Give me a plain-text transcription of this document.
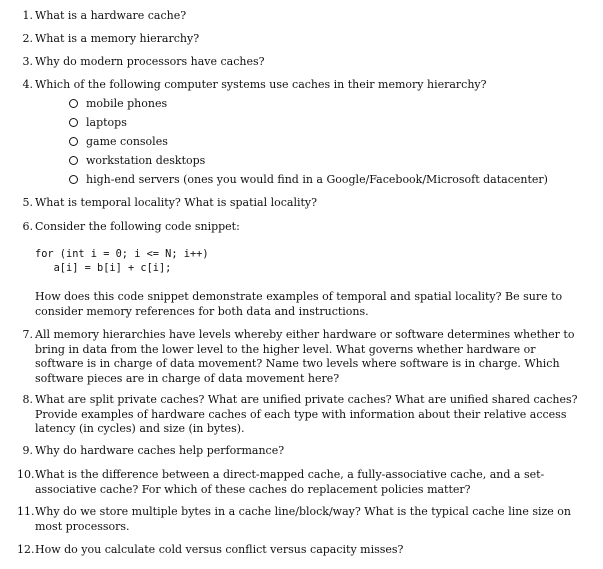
1. What is a hardware cache?
2. What is a memory hierarchy?
3. Why do modern processors have caches?
4. Which of the following computer systems use caches in their memory hierarchy?
mobile phones
laptops
game consoles
workstation desktops
high-end servers (ones you would find in a Google/Facebook/Microsoft datacenter)
5. What is temporal locality? What is spatial locality?
6. Consider the following code snippet:
for (int i = 0; i <= N; i++)
a[i] = b[i] + c[i];
How does this code snippet demonstrate examples of temporal and spatial locality? Be sure to consider memory references for both data and instructions.
7. All memory hierarchies have levels whereby either hardware or software determines whether to bring in data from the lower level to the higher level. What governs whether hardware or software is in charge of data movement? Name two levels where software is in charge. Which software pieces are in charge of data movement here?
8. What are split private caches? What are unified private caches? What are unified shared caches? Provide examples of hardware caches of each type with information about their relative access latency (in cycles) and size (in bytes).
9. Why do hardware caches help performance?
10. What is the difference between a direct-mapped cache, a fully-associative cache, and a set-associative cache? For which of these caches do replacement policies matter?
11. Why do we store multiple bytes in a cache line/block/way? What is the typical cache line size on most processors.
12. How do you calculate cold versus conflict versus capacity misses?
